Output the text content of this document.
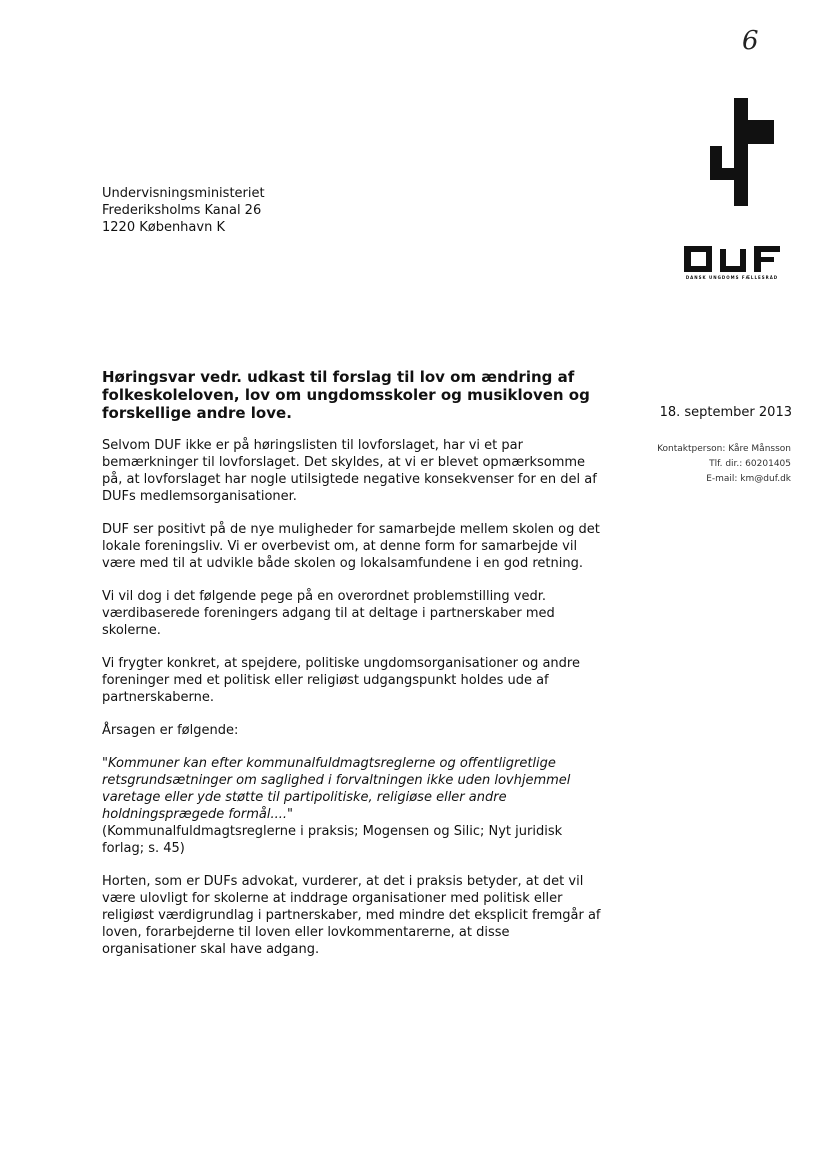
6
DANSK UNGDOMS FÆLLESRÅD
Undervisningsministeriet
Frederiksholms Kanal 26
1220 København K
Høringsvar vedr. udkast til forslag til lov om ændring af folkeskoleloven, lov om ungdomsskoler og musikloven og forskellige andre love.	18. september 2013
Kontaktperson: Kåre Månsson
Tlf. dir.: 60201405
E-mail: km@duf.dk

Selvom DUF ikke er på høringslisten til lovforslaget, har vi et par bemærkninger til lovforslaget. Det skyldes, at vi er blevet opmærksomme på, at lovforslaget har nogle utilsigtede negative konsekvenser for en del af DUFs medlemsorganisationer.

DUF ser positivt på de nye muligheder for samarbejde mellem skolen og det lokale foreningsliv. Vi er overbevist om, at denne form for samarbejde vil være med til at udvikle både skolen og lokalsamfundene i en god retning.

Vi vil dog i det følgende pege på en overordnet problemstilling vedr. værdibaserede foreningers adgang til at deltage i partnerskaber med skolerne.

Vi frygter konkret, at spejdere, politiske ungdomsorganisationer og andre foreninger med et politisk eller religiøst udgangspunkt holdes ude af partnerskaberne.

Årsagen er følgende:

"Kommuner kan efter kommunalfuldmagtsreglerne og offentligretlige retsgrundsætninger om saglighed i forvaltningen ikke uden lovhjemmel varetage eller yde støtte til partipolitiske, religiøse eller andre holdningsprægede formål...."

(Kommunalfuldmagtsreglerne i praksis; Mogensen og Silic; Nyt juridisk forlag; s. 45)

Horten, som er DUFs advokat, vurderer, at det i praksis betyder, at det vil være ulovligt for skolerne at inddrage organisationer med politisk eller religiøst værdigrundlag i partnerskaber, med mindre det eksplicit fremgår af loven, forarbejderne til loven eller lovkommentarerne, at disse organisationer skal have adgang.
